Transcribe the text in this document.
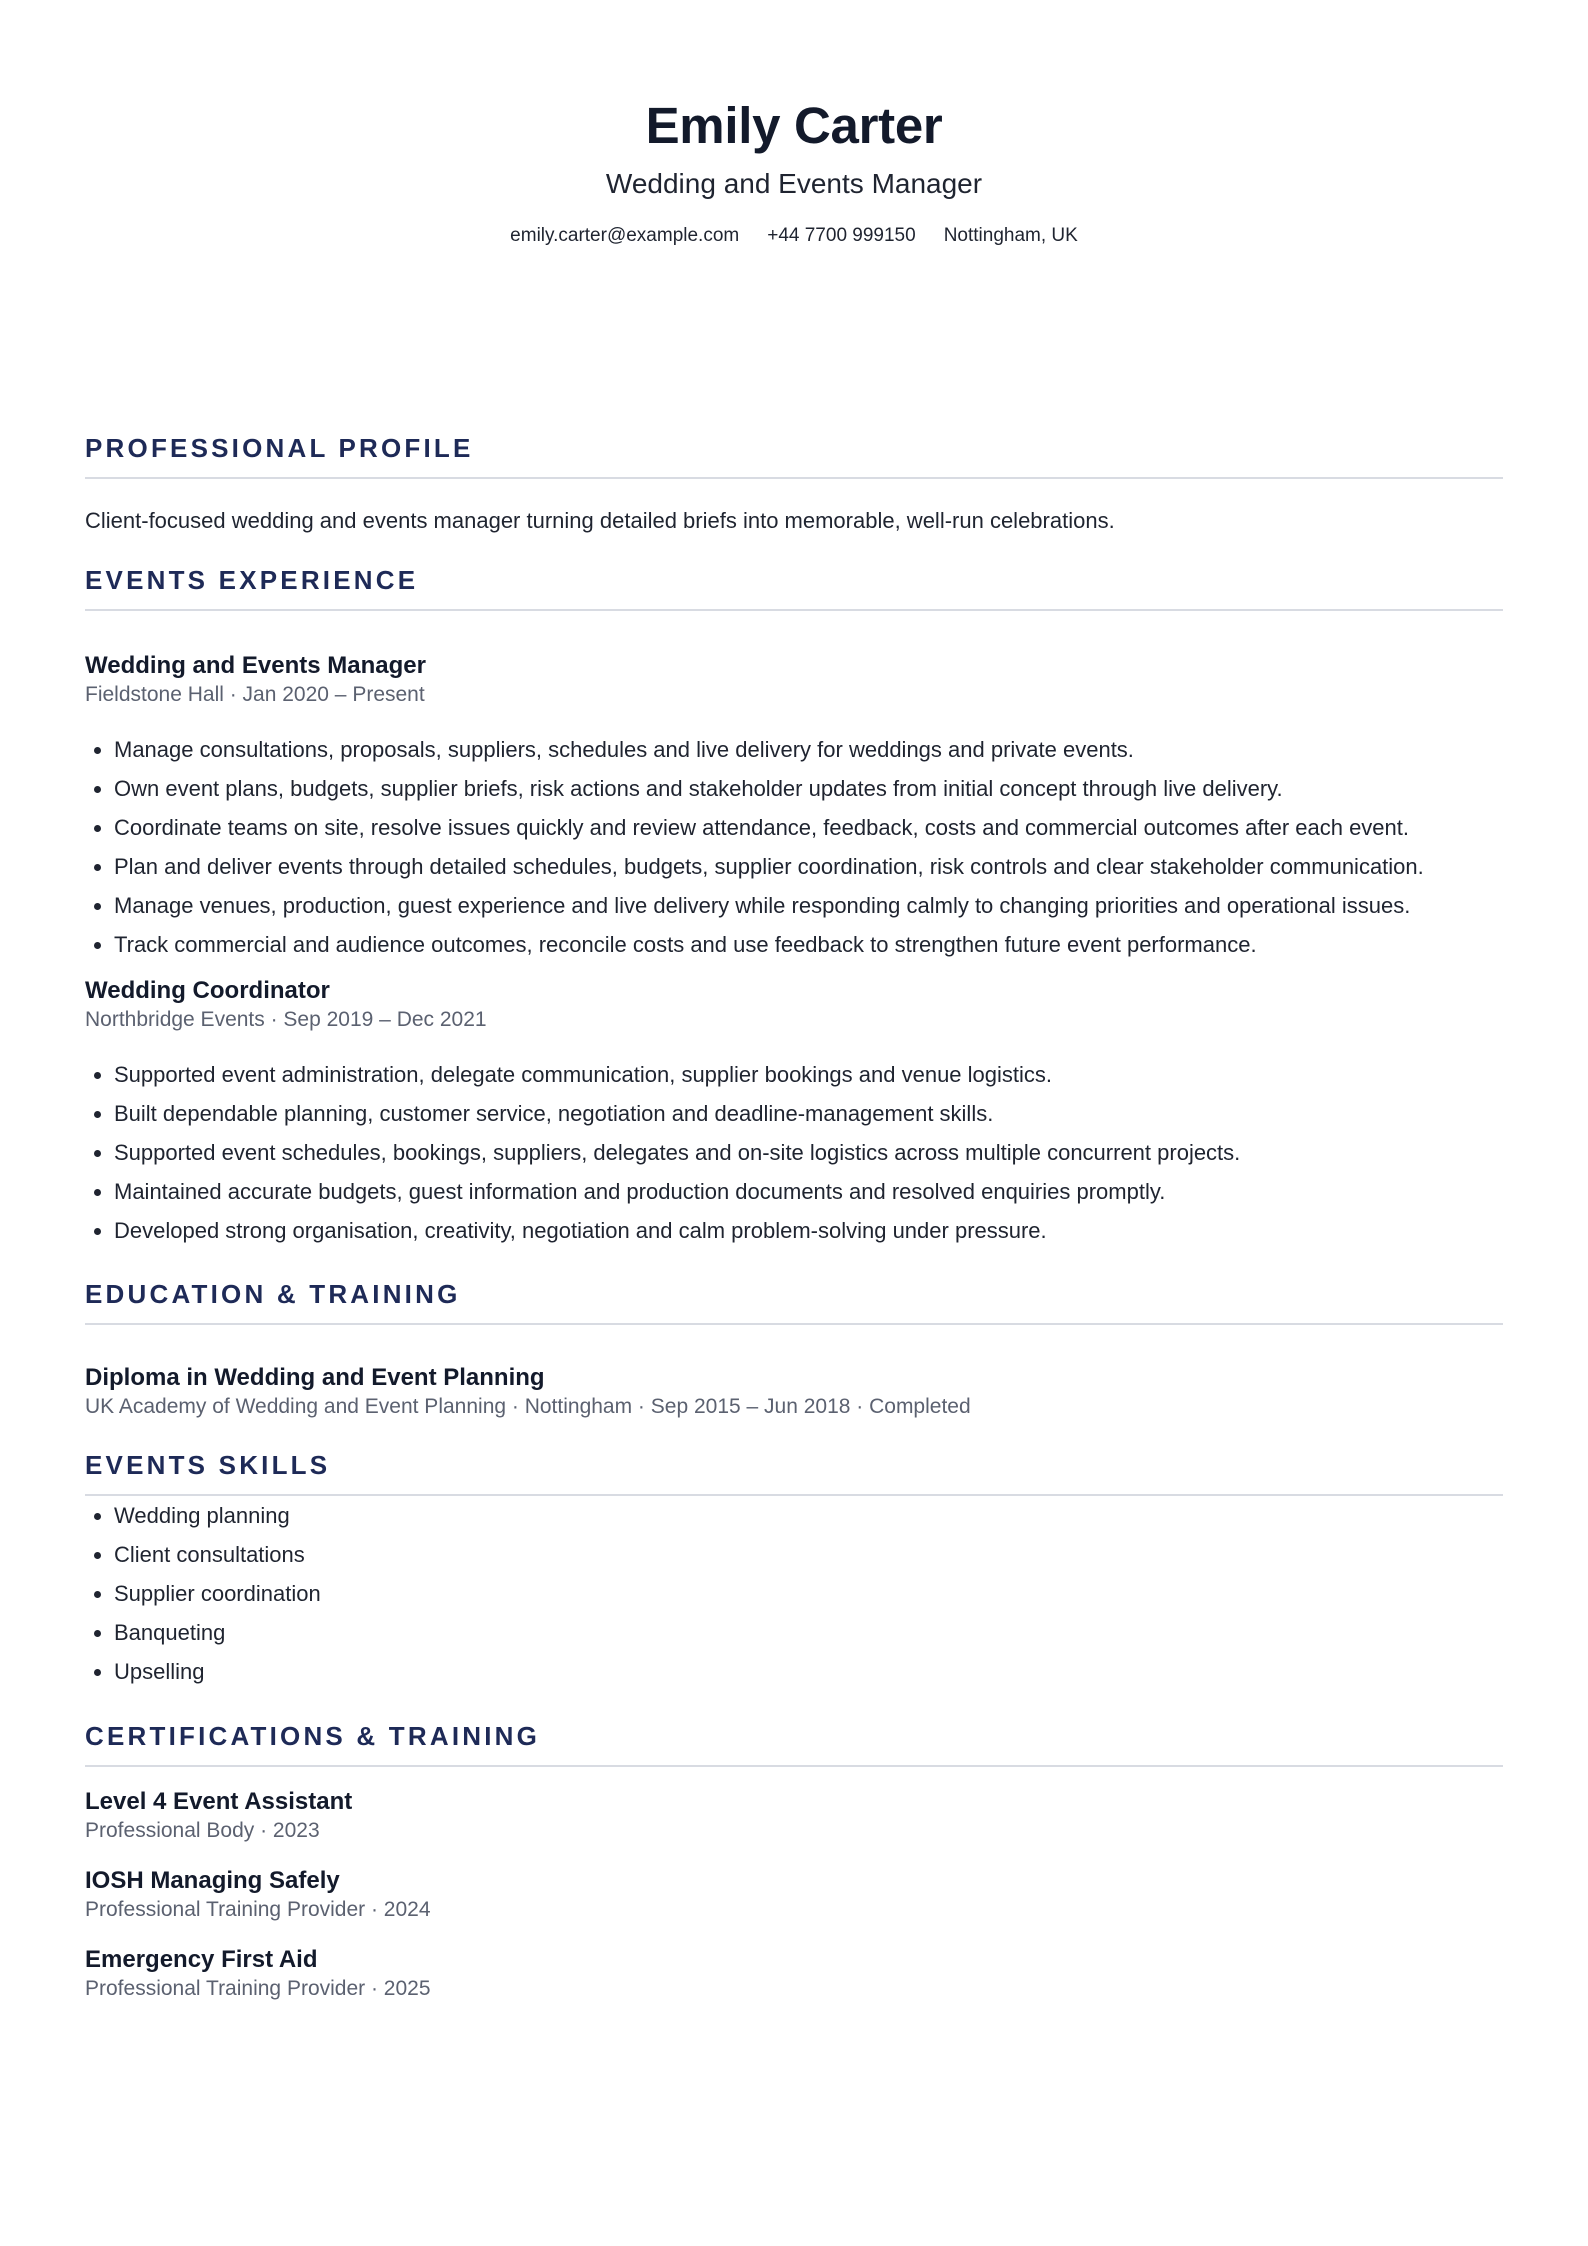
Emily Carter
Wedding and Events Manager
emily.carter@example.com +44 7700 999150 Nottingham, UK
PROFESSIONAL PROFILE

Client-focused wedding and events manager turning detailed briefs into memorable, well-run celebrations.

EVENTS EXPERIENCE
Wedding and Events Manager
Fieldstone Hall · Jan 2020 – Present
• Manage consultations, proposals, suppliers, schedules and live delivery for weddings and private events.
• Own event plans, budgets, supplier briefs, risk actions and stakeholder updates from initial concept through live delivery.
• Coordinate teams on site, resolve issues quickly and review attendance, feedback, costs and commercial outcomes after each event.
• Plan and deliver events through detailed schedules, budgets, supplier coordination, risk controls and clear stakeholder communication.
• Manage venues, production, guest experience and live delivery while responding calmly to changing priorities and operational issues.
• Track commercial and audience outcomes, reconcile costs and use feedback to strengthen future event performance.
Wedding Coordinator
Northbridge Events · Sep 2019 – Dec 2021
• Supported event administration, delegate communication, supplier bookings and venue logistics.
• Built dependable planning, customer service, negotiation and deadline-management skills.
• Supported event schedules, bookings, suppliers, delegates and on-site logistics across multiple concurrent projects.
• Maintained accurate budgets, guest information and production documents and resolved enquiries promptly.
• Developed strong organisation, creativity, negotiation and calm problem-solving under pressure.
EDUCATION & TRAINING
Diploma in Wedding and Event Planning
UK Academy of Wedding and Event Planning · Nottingham · Sep 2015 – Jun 2018 · Completed
EVENTS SKILLS
• Wedding planning
• Client consultations
• Supplier coordination
• Banqueting
• Upselling
CERTIFICATIONS & TRAINING
Level 4 Event Assistant
Professional Body · 2023
IOSH Managing Safely
Professional Training Provider · 2024
Emergency First Aid
Professional Training Provider · 2025
